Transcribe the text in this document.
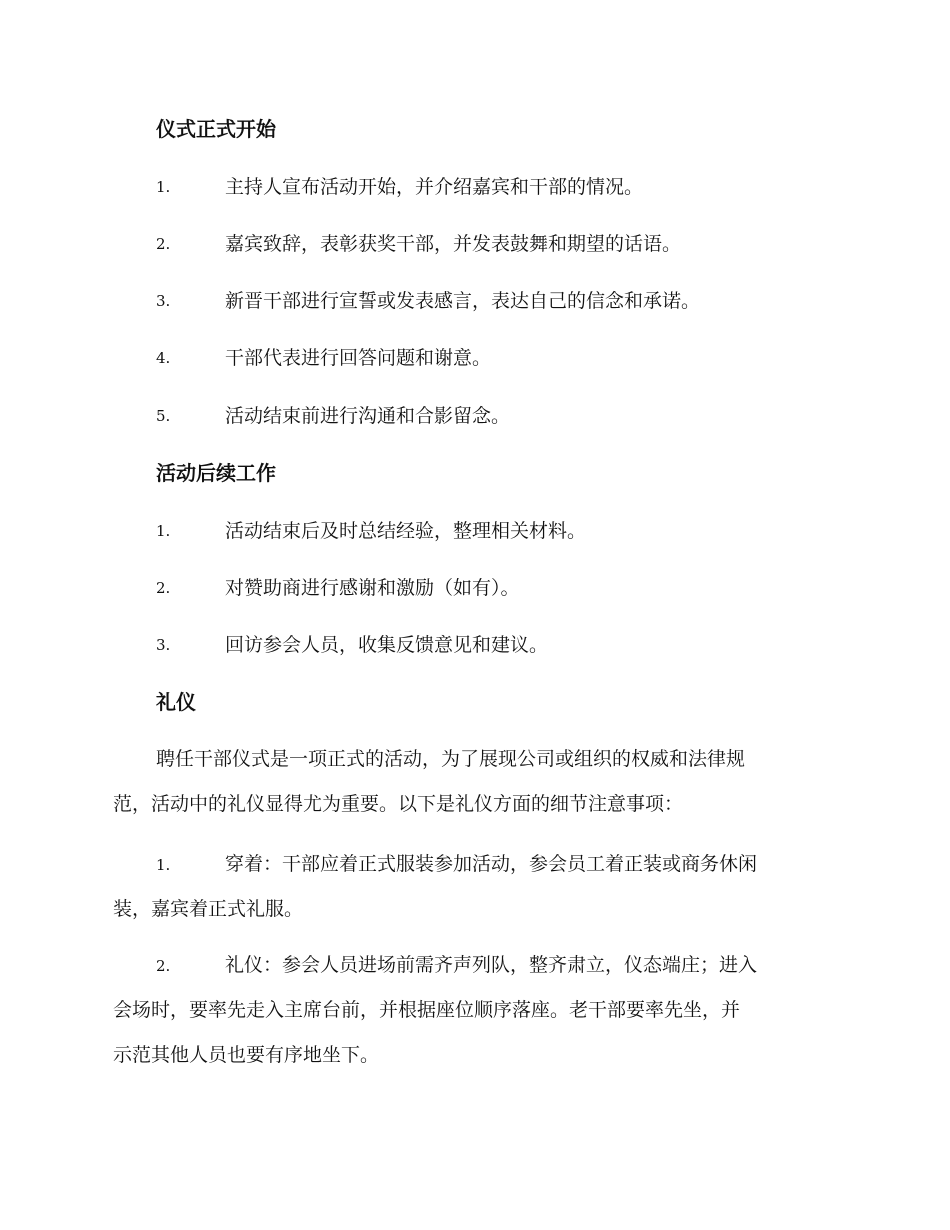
仪式正式开始
1.	主持人宣布活动开始，并介绍嘉宾和干部的情况。
2.	嘉宾致辞，表彰获奖干部，并发表鼓舞和期望的话语。
3.	新晋干部进行宣誓或发表感言，表达自己的信念和承诺。
4.	干部代表进行回答问题和谢意。
5.	活动结束前进行沟通和合影留念。
活动后续工作
1.	活动结束后及时总结经验，整理相关材料。
2.	对赞助商进行感谢和激励（如有）。
3.	回访参会人员，收集反馈意见和建议。
礼仪
聘任干部仪式是一项正式的活动，为了展现公司或组织的权威和法律规
范，活动中的礼仪显得尤为重要。以下是礼仪方面的细节注意事项：
1.	穿着：干部应着正式服装参加活动，参会员工着正装或商务休闲
装，嘉宾着正式礼服。
2.	礼仪：参会人员进场前需齐声列队，整齐肃立，仪态端庄；进入
会场时，要率先走入主席台前，并根据座位顺序落座。老干部要率先坐，并
示范其他人员也要有序地坐下。
